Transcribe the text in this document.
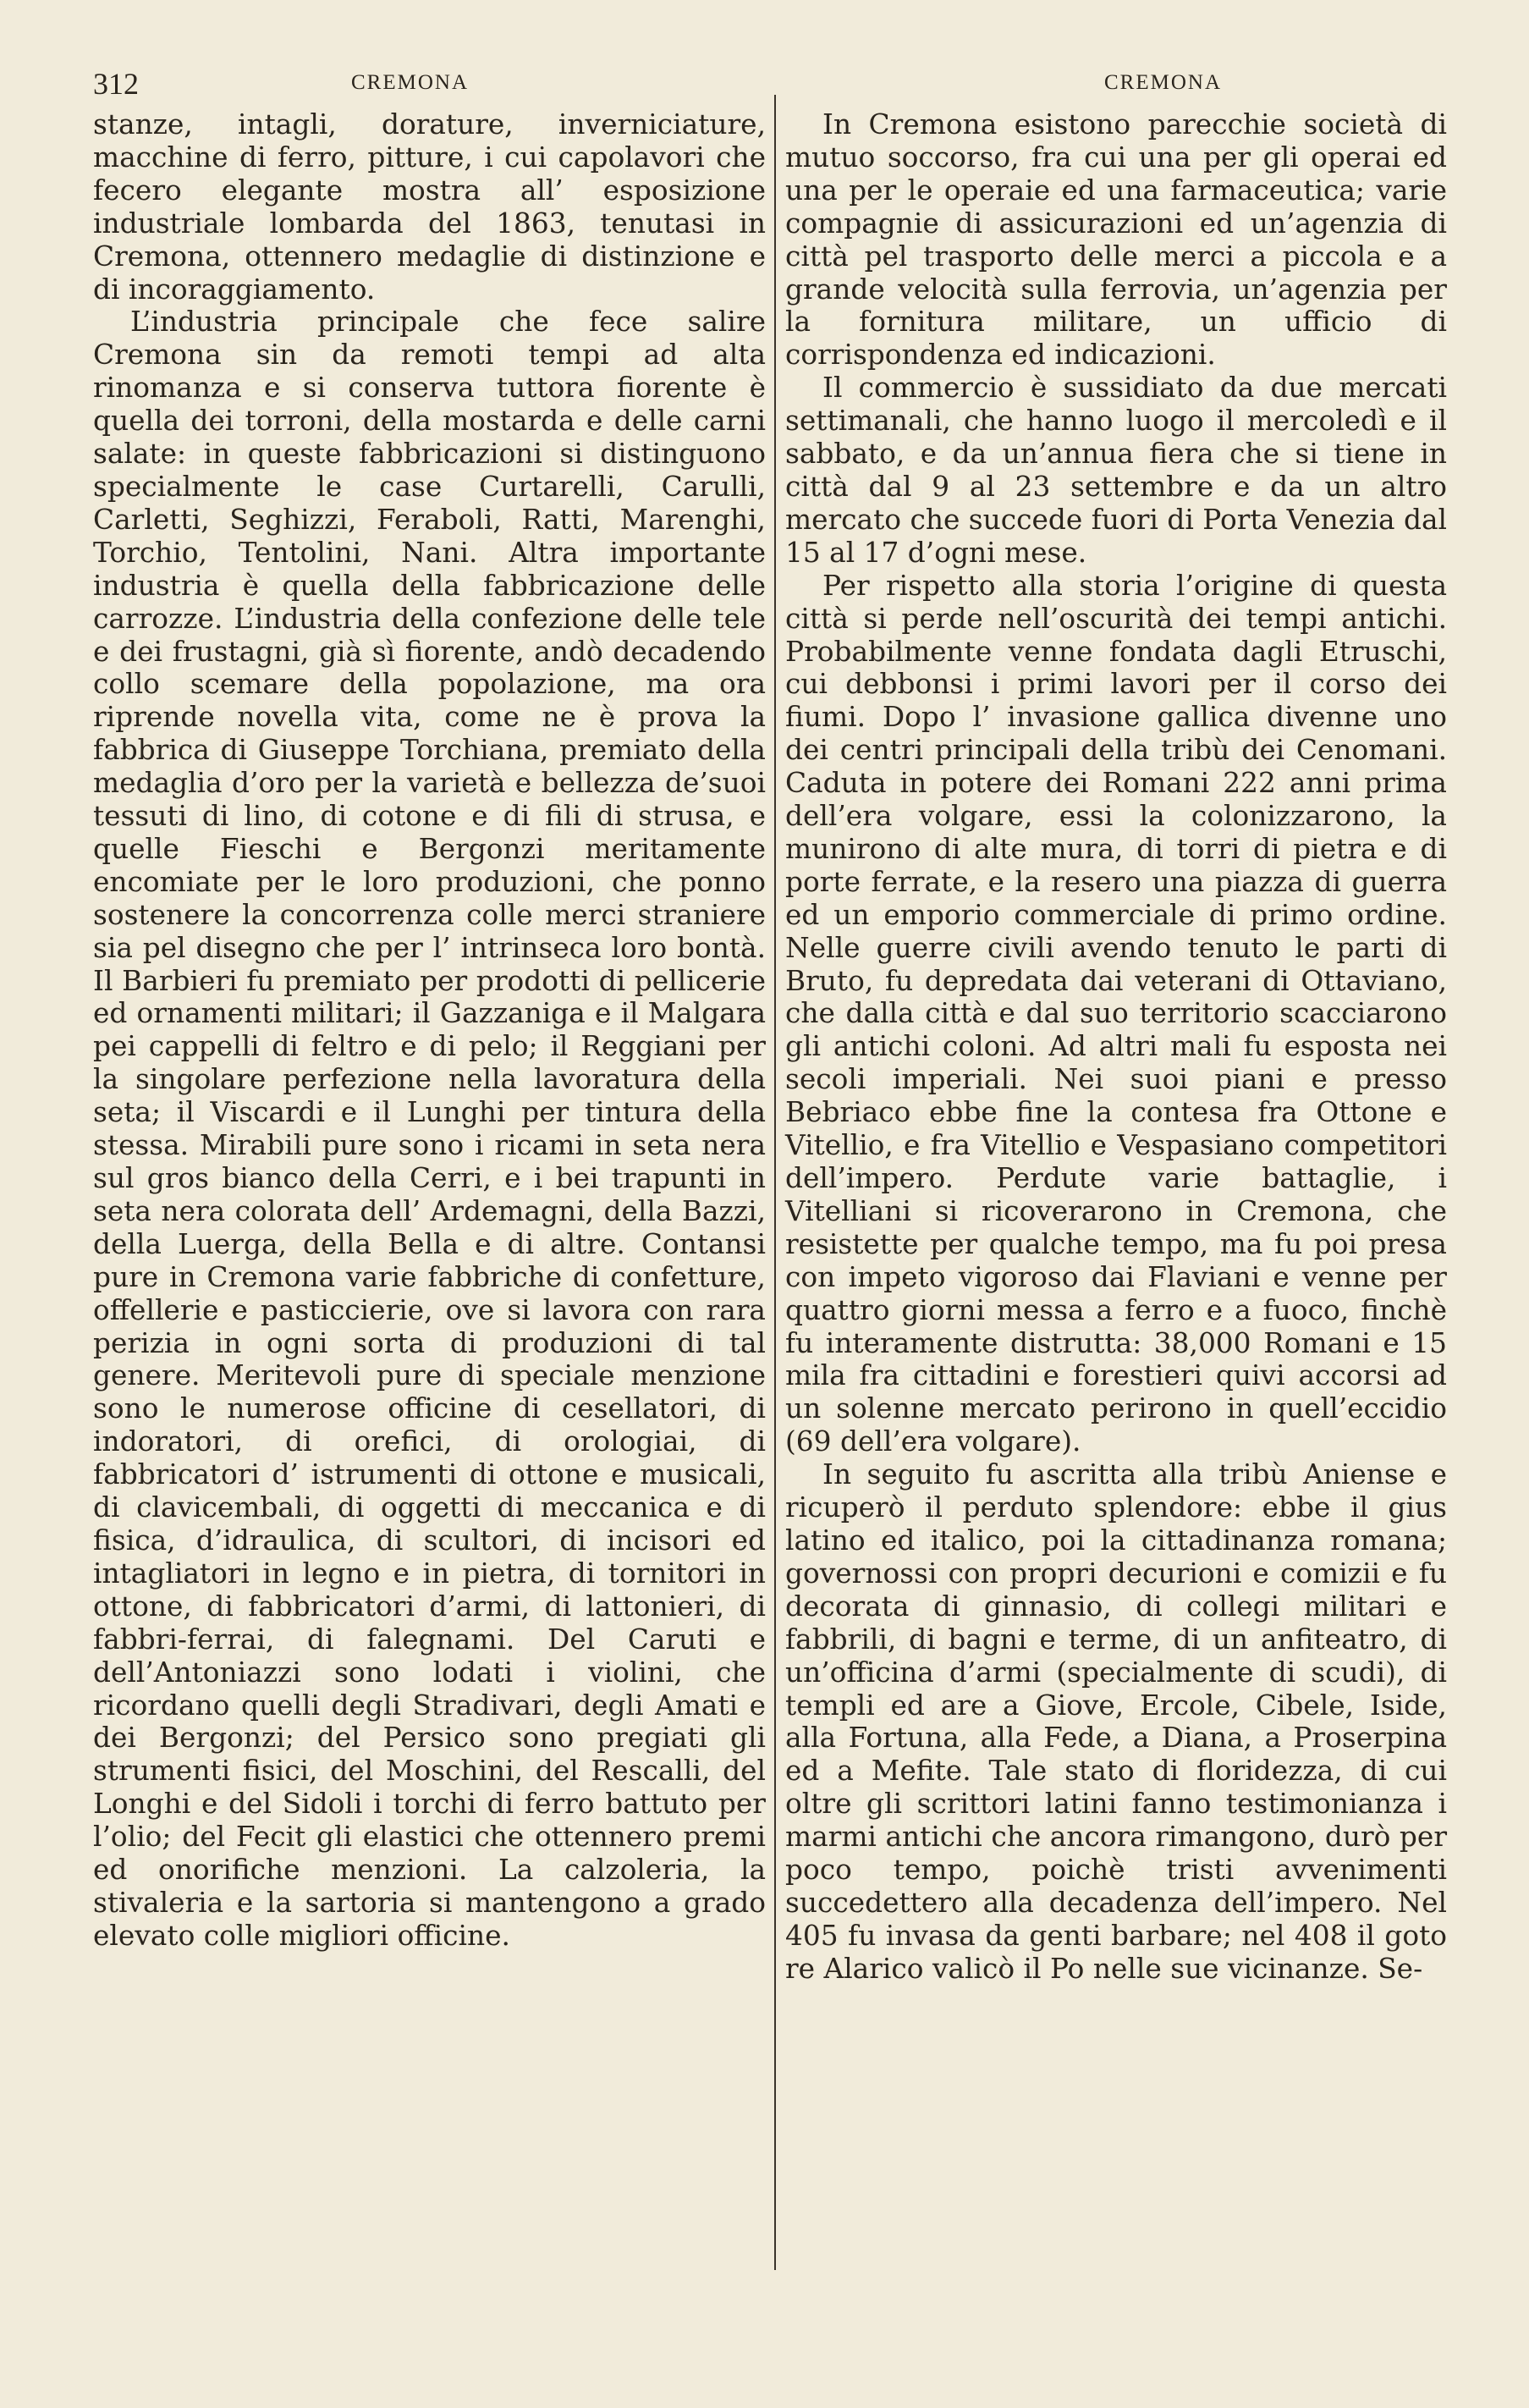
312	CREMONA	CREMONA

stanze, intagli, dorature, inverniciature, macchine di ferro, pitture, i cui capolavori che fecero elegante mostra all’ esposizione industriale lombarda del 1863, tenutasi in Cremona, ottennero medaglie di distinzione e di incoraggiamento.

L’industria principale che fece salire Cremona sin da remoti tempi ad alta rinomanza e si conserva tuttora fiorente è quella dei torroni, della mostarda e delle carni salate: in queste fabbricazioni si distinguono specialmente le case Curtarelli, Carulli, Carletti, Seghizzi, Feraboli, Ratti, Marenghi, Torchio, Tentolini, Nani. Altra importante industria è quella della fabbricazione delle carrozze. L’industria della confezione delle tele e dei frustagni, già sì fiorente, andò decadendo collo scemare della popolazione, ma ora riprende novella vita, come ne è prova la fabbrica di Giuseppe Torchiana, premiato della medaglia d’oro per la varietà e bellezza de’suoi tessuti di lino, di cotone e di fili di strusa, e quelle Fieschi e Bergonzi meritamente encomiate per le loro produzioni, che ponno sostenere la concorrenza colle merci straniere sia pel disegno che per l’ intrinseca loro bontà. Il Barbieri fu premiato per prodotti di pellicerie ed ornamenti militari; il Gazzaniga e il Malgara pei cappelli di feltro e di pelo; il Reggiani per la singolare perfezione nella lavoratura della seta; il Viscardi e il Lunghi per tintura della stessa. Mirabili pure sono i ricami in seta nera sul gros bianco della Cerri, e i bei trapunti in seta nera colorata dell’ Ardemagni, della Bazzi, della Luerga, della Bella e di altre. Contansi pure in Cremona varie fabbriche di confetture, offellerie e pasticcierie, ove si lavora con rara perizia in ogni sorta di produzioni di tal genere. Meritevoli pure di speciale menzione sono le numerose officine di cesellatori, di indoratori, di orefici, di orologiai, di fabbricatori d’ istrumenti di ottone e musicali, di clavicembali, di oggetti di meccanica e di fisica, d’idraulica, di scultori, di incisori ed intagliatori in legno e in pietra, di tornitori in ottone, di fabbricatori d’armi, di lattonieri, di fabbri-ferrai, di falegnami. Del Caruti e dell’Antoniazzi sono lodati i violini, che ricordano quelli degli Stradivari, degli Amati e dei Bergonzi; del Persico sono pregiati gli strumenti fisici, del Moschini, del Rescalli, del Longhi e del Sidoli i torchi di ferro battuto per l’olio; del Fecit gli elastici che ottennero premi ed onorifiche menzioni. La calzoleria, la stivaleria e la sartoria si mantengono a grado elevato colle migliori officine.

In Cremona esistono parecchie società di mutuo soccorso, fra cui una per gli operai ed una per le operaie ed una farmaceutica; varie compagnie di assicurazioni ed un’agenzia di città pel trasporto delle merci a piccola e a grande velocità sulla ferrovia, un’agenzia per la fornitura militare, un ufficio di corrispondenza ed indicazioni.

Il commercio è sussidiato da due mercati settimanali, che hanno luogo il mercoledì e il sabbato, e da un’annua fiera che si tiene in città dal 9 al 23 settembre e da un altro mercato che succede fuori di Porta Venezia dal 15 al 17 d’ogni mese.

Per rispetto alla storia l’origine di questa città si perde nell’oscurità dei tempi antichi. Probabilmente venne fondata dagli Etruschi, cui debbonsi i primi lavori per il corso dei fiumi. Dopo l’ invasione gallica divenne uno dei centri principali della tribù dei Cenomani. Caduta in potere dei Romani 222 anni prima dell’era volgare, essi la colonizzarono, la munirono di alte mura, di torri di pietra e di porte ferrate, e la resero una piazza di guerra ed un emporio commerciale di primo ordine. Nelle guerre civili avendo tenuto le parti di Bruto, fu depredata dai veterani di Ottaviano, che dalla città e dal suo territorio scacciarono gli antichi coloni. Ad altri mali fu esposta nei secoli imperiali. Nei suoi piani e presso Bebriaco ebbe fine la contesa fra Ottone e Vitellio, e fra Vitellio e Vespasiano competitori dell’impero. Perdute varie battaglie, i Vitelliani si ricoverarono in Cremona, che resistette per qualche tempo, ma fu poi presa con impeto vigoroso dai Flaviani e venne per quattro giorni messa a ferro e a fuoco, finchè fu interamente distrutta: 38,000 Romani e 15 mila fra cittadini e forestieri quivi accorsi ad un solenne mercato perirono in quell’eccidio (69 dell’era volgare).

In seguito fu ascritta alla tribù Aniense e ricuperò il perduto splendore: ebbe il gius latino ed italico, poi la cittadinanza romana; governossi con propri decurioni e comizii e fu decorata di ginnasio, di collegi militari e fabbrili, di bagni e terme, di un anfiteatro, di un’officina d’armi (specialmente di scudi), di templi ed are a Giove, Ercole, Cibele, Iside, alla Fortuna, alla Fede, a Diana, a Proserpina ed a Mefite. Tale stato di floridezza, di cui oltre gli scrittori latini fanno testimonianza i marmi antichi che ancora rimangono, durò per poco tempo, poichè tristi avvenimenti succedettero alla decadenza dell’impero. Nel 405 fu invasa da genti barbare; nel 408 il goto re Alarico valicò il Po nelle sue vicinanze. Se-
